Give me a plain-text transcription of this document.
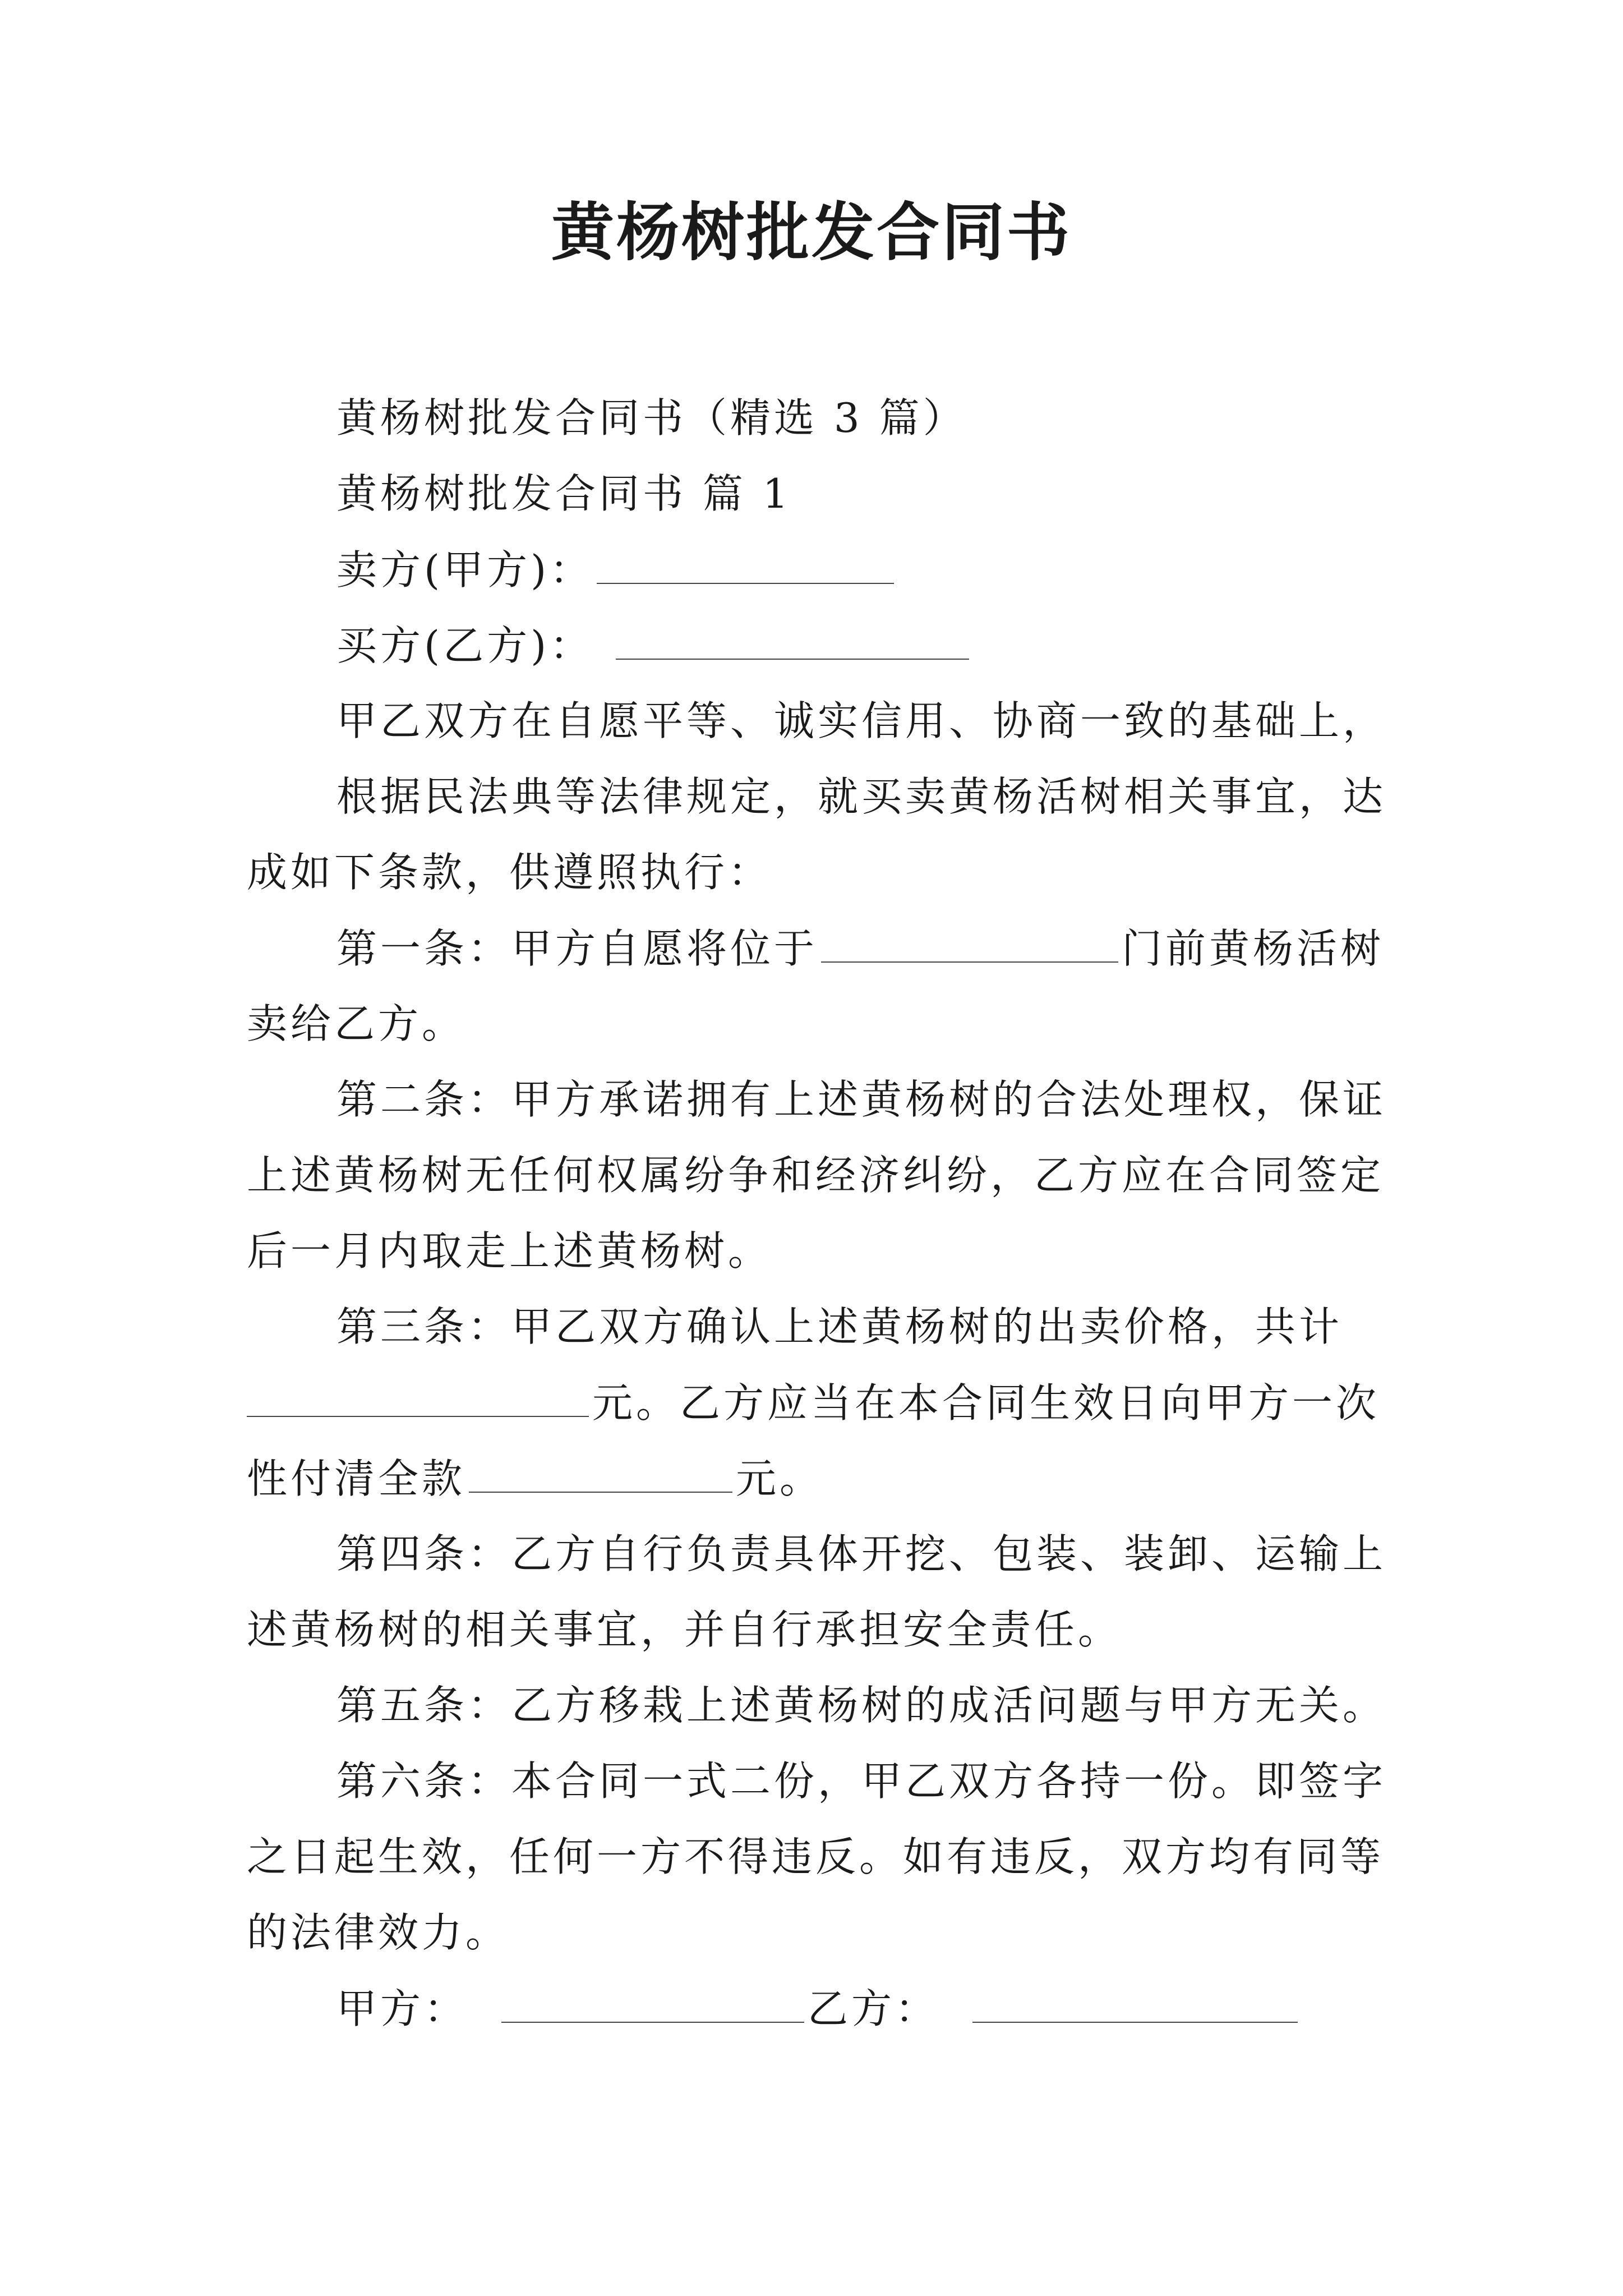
黄杨树批发合同书
黄杨树批发合同书（精选 3 篇）
黄杨树批发合同书 篇 1
卖方(甲方)：
买方(乙方)：
甲乙双方在自愿平等、诚实信用、协商一致的基础上，
根据民法典等法律规定，就买卖黄杨活树相关事宜，达
成如下条款，供遵照执行：
第一条：甲方自愿将位于	门前黄杨活树
卖给乙方。
第二条：甲方承诺拥有上述黄杨树的合法处理权，保证
上述黄杨树无任何权属纷争和经济纠纷，乙方应在合同签定
后一月内取走上述黄杨树。
第三条：甲乙双方确认上述黄杨树的出卖价格，共计
元。乙方应当在本合同生效日向甲方一次
性付清全款	元。
第四条：乙方自行负责具体开挖、包装、装卸、运输上
述黄杨树的相关事宜，并自行承担安全责任。
第五条：乙方移栽上述黄杨树的成活问题与甲方无关。
第六条：本合同一式二份，甲乙双方各持一份。即签字
之日起生效，任何一方不得违反。如有违反，双方均有同等
的法律效力。
甲方：	乙方：
